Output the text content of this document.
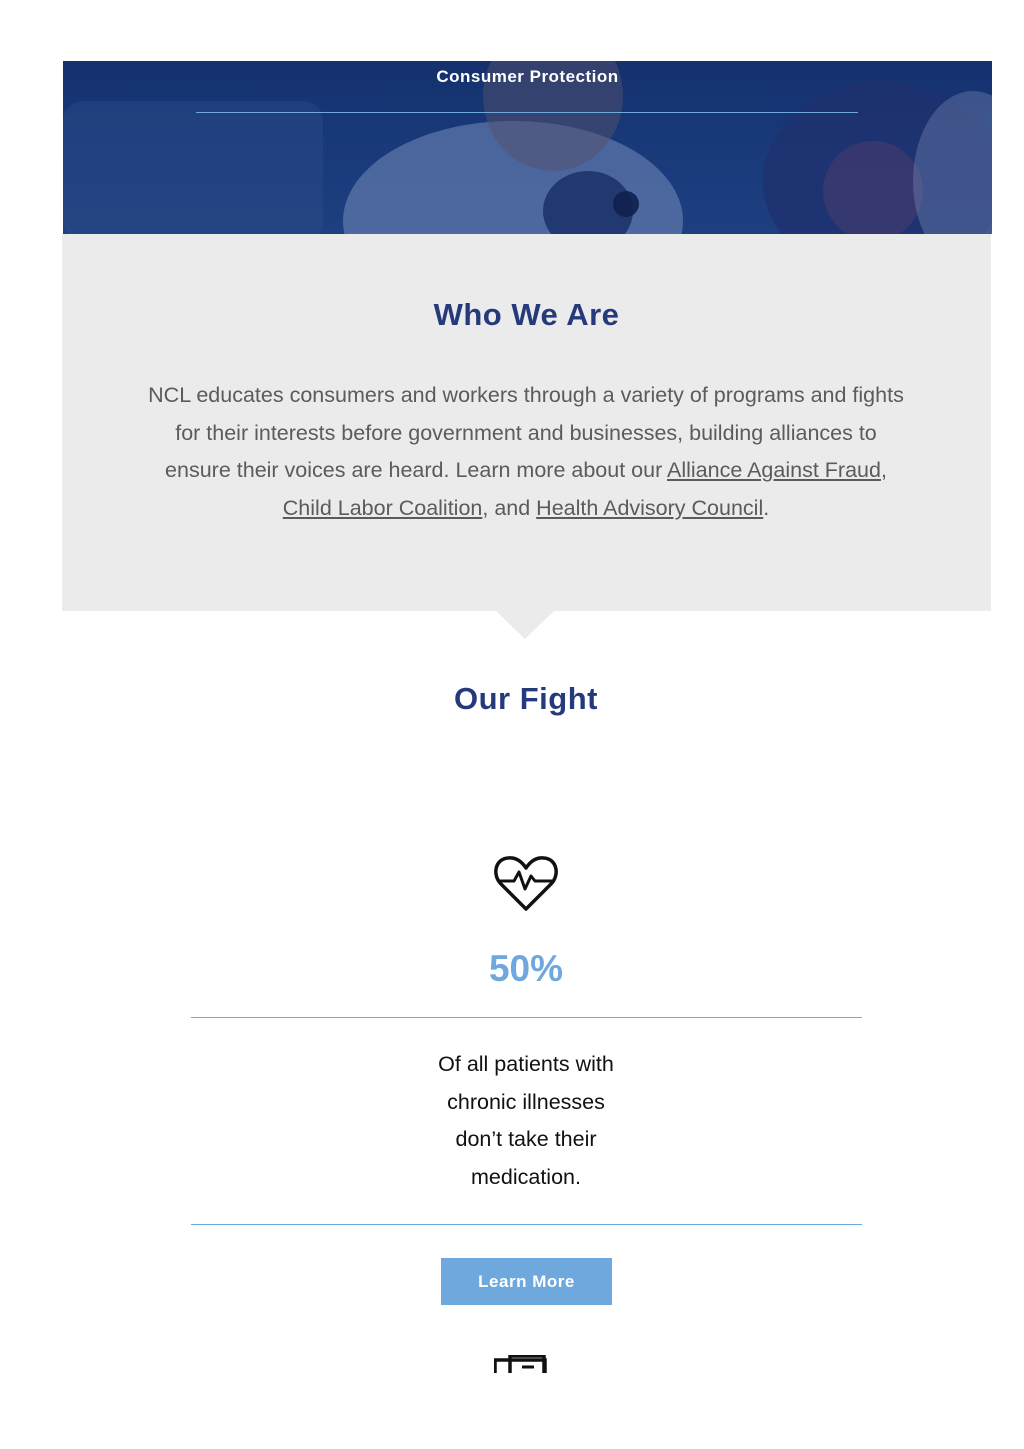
Consumer Protection
Who We Are

NCL educates consumers and workers through a variety of programs and fights for their interests before government and businesses, building alliances to ensure their voices are heard. Learn more about our Alliance Against Fraud, Child Labor Coalition, and Health Advisory Council.

Our Fight
50%
Of all patients with chronic illnesses don’t take their medication.
Learn More
